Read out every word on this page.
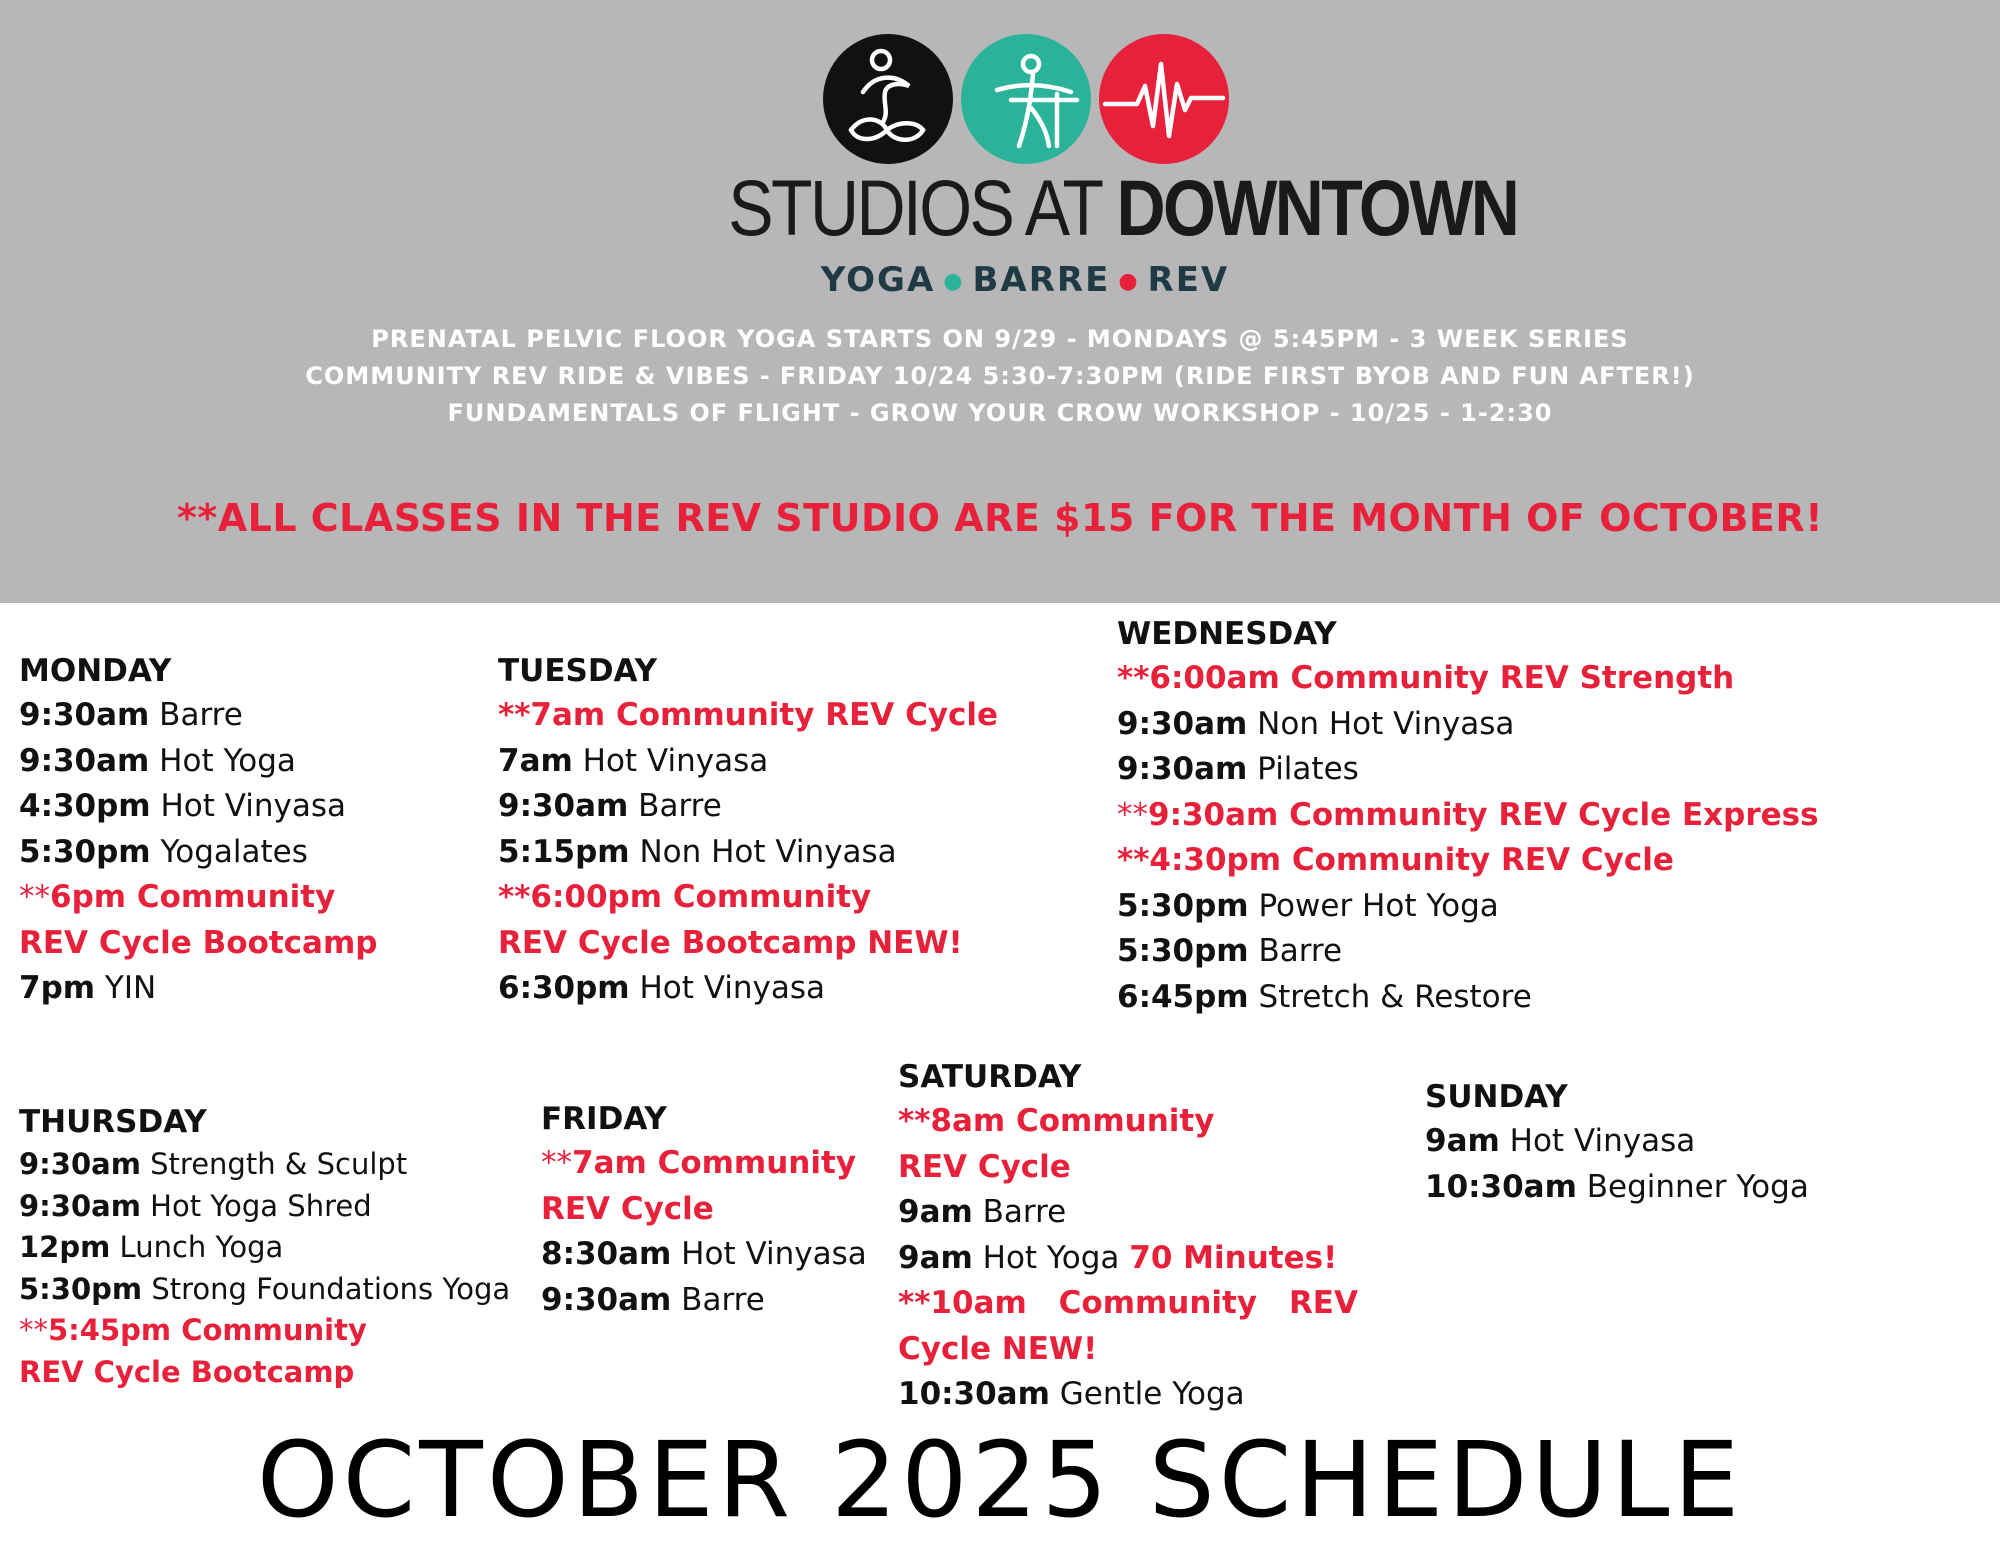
STUDIOS AT DOWNTOWN
YOGA ● BARRE ● REV
PRENATAL PELVIC FLOOR YOGA STARTS ON 9/29 - MONDAYS @ 5:45PM - 3 WEEK SERIES
COMMUNITY REV RIDE & VIBES - FRIDAY 10/24 5:30-7:30PM (RIDE FIRST BYOB AND FUN AFTER!)
FUNDAMENTALS OF FLIGHT - GROW YOUR CROW WORKSHOP - 10/25 - 1-2:30
**ALL CLASSES IN THE REV STUDIO ARE $15 FOR THE MONTH OF OCTOBER!
MONDAY
9:30am Barre
9:30am Hot Yoga
4:30pm Hot Vinyasa
5:30pm Yogalates
**6pm Community
REV Cycle Bootcamp
7pm YIN
TUESDAY
**7am Community REV Cycle
7am Hot Vinyasa
9:30am Barre
5:15pm Non Hot Vinyasa
**6:00pm Community
REV Cycle Bootcamp NEW!
6:30pm Hot Vinyasa
WEDNESDAY
**6:00am Community REV Strength
9:30am Non Hot Vinyasa
9:30am Pilates
**9:30am Community REV Cycle Express
**4:30pm Community REV Cycle
5:30pm Power Hot Yoga
5:30pm Barre
6:45pm Stretch & Restore
THURSDAY
9:30am Strength & Sculpt
9:30am Hot Yoga Shred
12pm Lunch Yoga
5:30pm Strong Foundations Yoga
**5:45pm Community
REV Cycle Bootcamp
FRIDAY
**7am Community
REV Cycle
8:30am Hot Vinyasa
9:30am Barre
SATURDAY
**8am Community
REV Cycle
9am Barre
9am Hot Yoga 70 Minutes!
**10am Community REV
Cycle NEW!
10:30am Gentle Yoga
SUNDAY
9am Hot Vinyasa
10:30am Beginner Yoga
OCTOBER 2025 SCHEDULE
